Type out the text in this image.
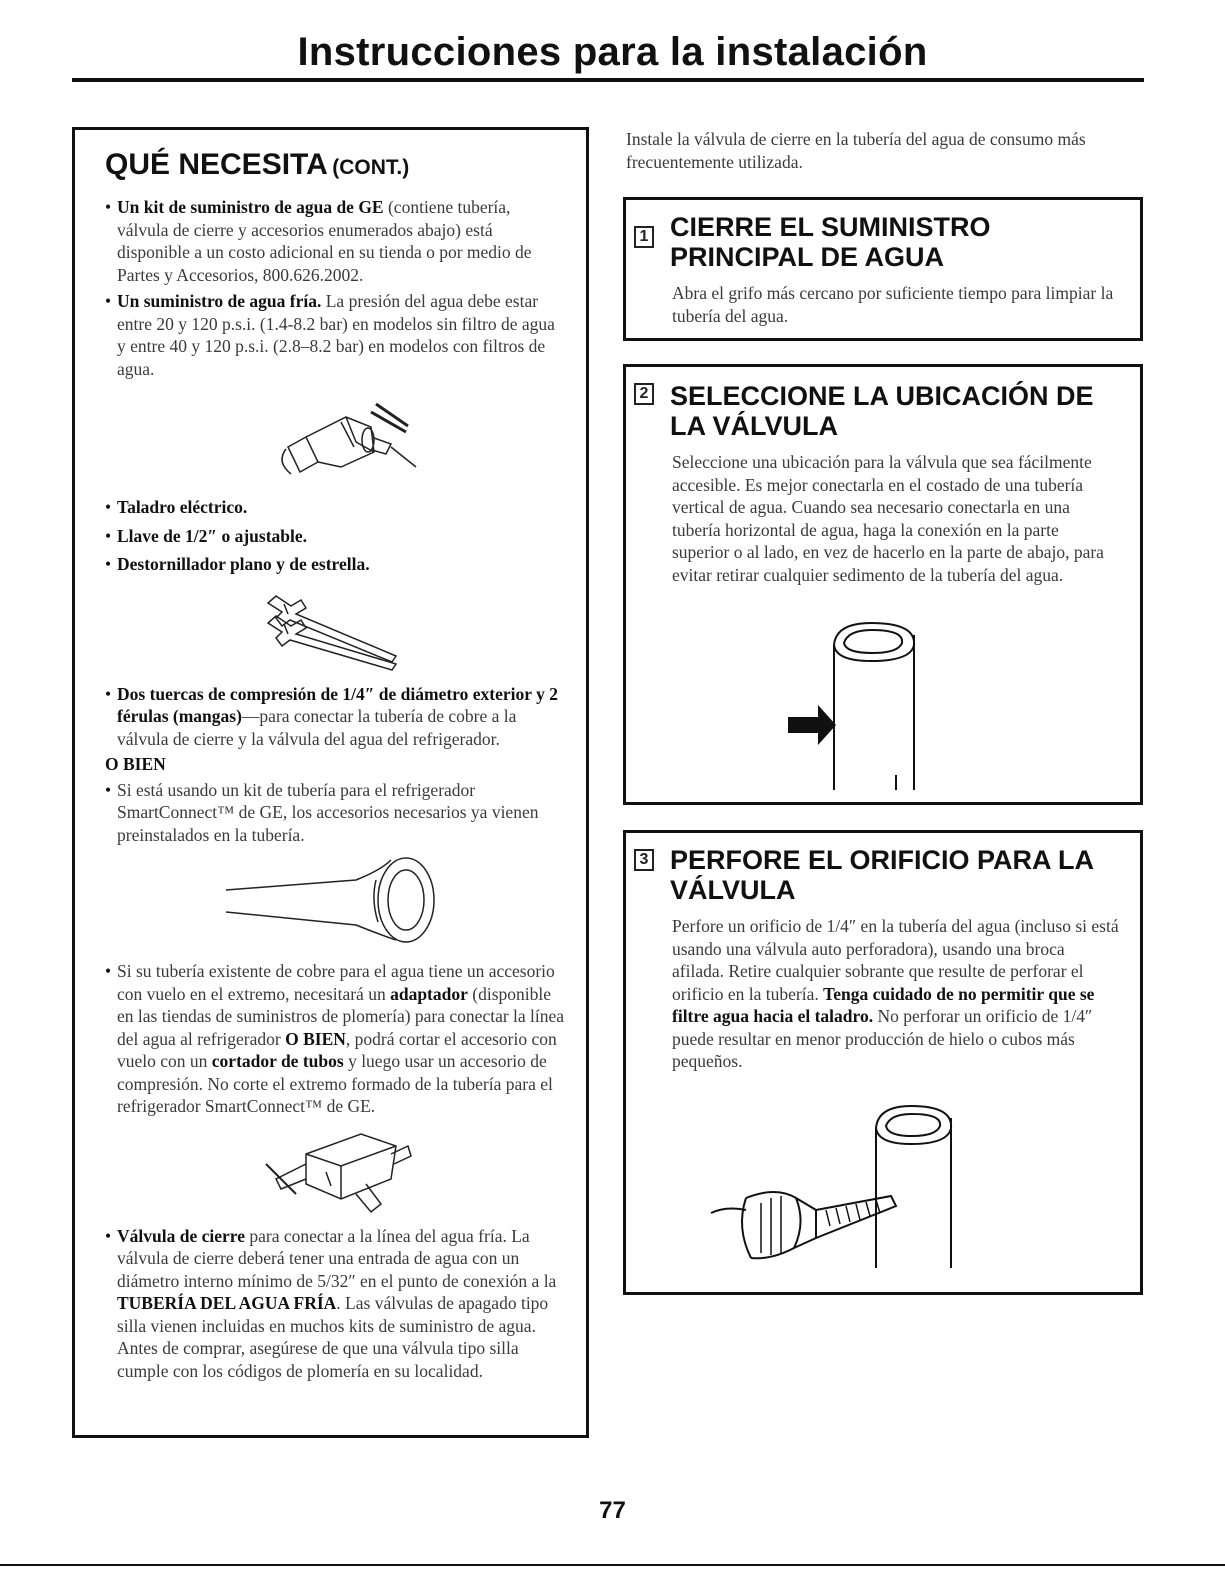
Instrucciones para la instalación

QUÉ NECESITA (CONT.)

• Un kit de suministro de agua de GE (contiene tubería, válvula de cierre y accesorios enumerados abajo) está disponible a un costo adicional en su tienda o por medio de Partes y Accesorios, 800.626.2002.
• Un suministro de agua fría. La presión del agua debe estar entre 20 y 120 p.s.i. (1.4-8.2 bar) en modelos sin filtro de agua y entre 40 y 120 p.s.i. (2.8–8.2 bar) en modelos con filtros de agua.
• Taladro eléctrico.
• Llave de 1/2″ o ajustable.
• Destornillador plano y de estrella.
• Dos tuercas de compresión de 1/4″ de diámetro exterior y 2 férulas (mangas)—para conectar la tubería de cobre a la válvula de cierre y la válvula del agua del refrigerador.

O BIEN

• Si está usando un kit de tubería para el refrigerador SmartConnect™ de GE, los accesorios necesarios ya vienen preinstalados en la tubería.
• Si su tubería existente de cobre para el agua tiene un accesorio con vuelo en el extremo, necesitará un adaptador (disponible en las tiendas de suministros de plomería) para conectar la línea del agua al refrigerador O BIEN, podrá cortar el accesorio con vuelo con un cortador de tubos y luego usar un accesorio de compresión. No corte el extremo formado de la tubería para el refrigerador SmartConnect™ de GE.
• Válvula de cierre para conectar a la línea del agua fría. La válvula de cierre deberá tener una entrada de agua con un diámetro interno mínimo de 5/32″ en el punto de conexión a la TUBERÍA DEL AGUA FRÍA. Las válvulas de apagado tipo silla vienen incluidas en muchos kits de suministro de agua. Antes de comprar, asegúrese de que una válvula tipo silla cumple con los códigos de plomería en su localidad.

Instale la válvula de cierre en la tubería del agua de consumo más frecuentemente utilizada.

1 CIERRE EL SUMINISTRO PRINCIPAL DE AGUA

Abra el grifo más cercano por suficiente tiempo para limpiar la tubería del agua.

2 SELECCIONE LA UBICACIÓN DE LA VÁLVULA

Seleccione una ubicación para la válvula que sea fácilmente accesible. Es mejor conectarla en el costado de una tubería vertical de agua. Cuando sea necesario conectarla en una tubería horizontal de agua, haga la conexión en la parte superior o al lado, en vez de hacerlo en la parte de abajo, para evitar retirar cualquier sedimento de la tubería del agua.

3 PERFORE EL ORIFICIO PARA LA VÁLVULA

Perfore un orificio de 1/4″ en la tubería del agua (incluso si está usando una válvula auto perforadora), usando una broca afilada. Retire cualquier sobrante que resulte de perforar el orificio en la tubería. Tenga cuidado de no permitir que se filtre agua hacia el taladro. No perforar un orificio de 1/4″ puede resultar en menor producción de hielo o cubos más pequeños.

77
